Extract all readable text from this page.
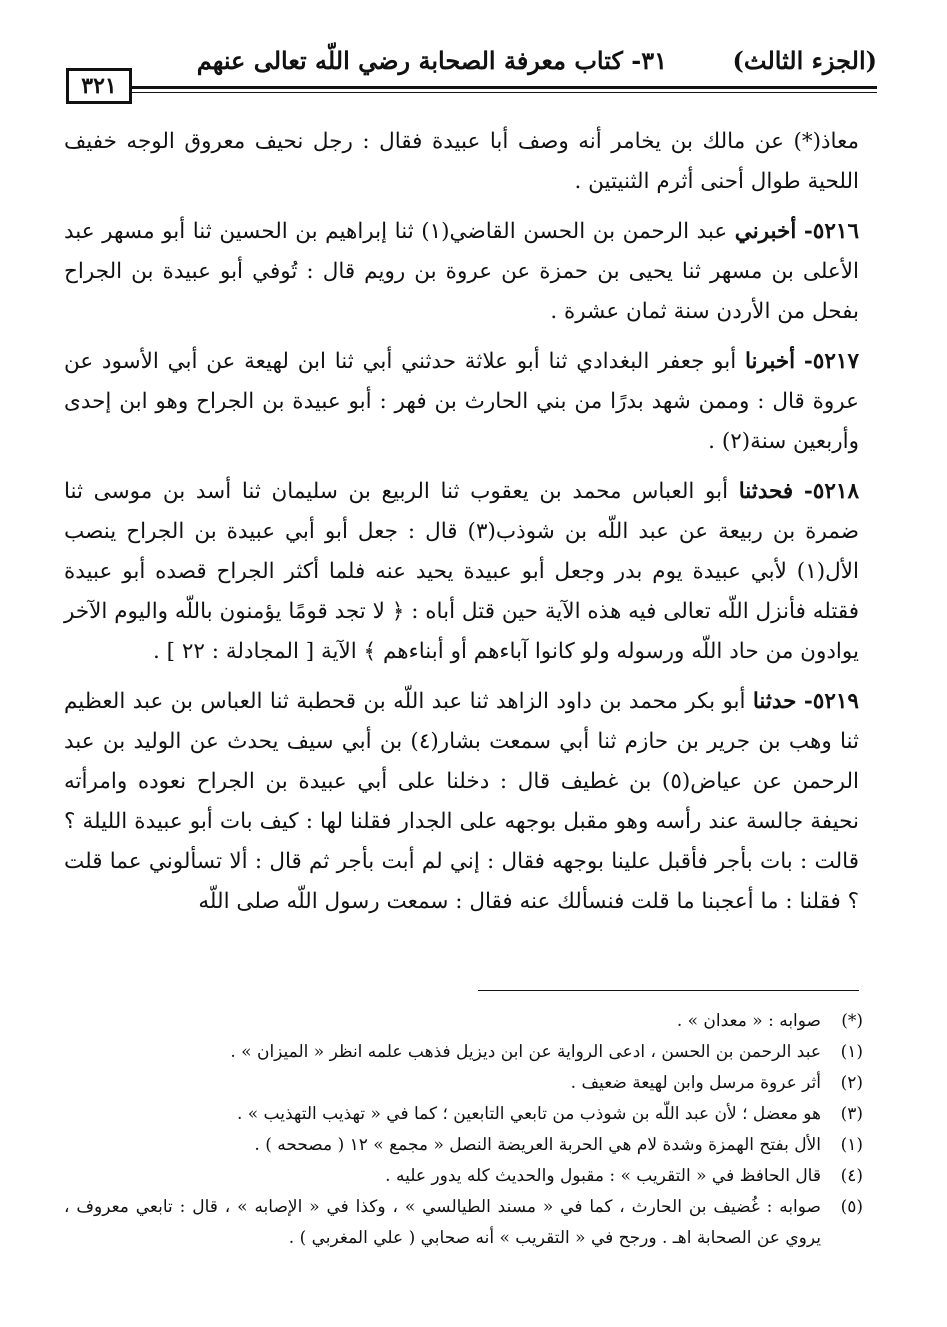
(الجزء الثالث)
٣١- كتاب معرفة الصحابة رضي اللّه تعالى عنهم
٣٢١

معاذ(*) عن مالك بن يخامر أنه وصف أبا عبيدة فقال : رجل نحيف معروق الوجه خفيف اللحية طوال أحنى أثرم الثنيتين .

٥٢١٦- أخبرني عبد الرحمن بن الحسن القاضي(١) ثنا إبراهيم بن الحسين ثنا أبو مسهر عبد الأعلى بن مسهر ثنا يحيى بن حمزة عن عروة بن رويم قال : تُوفي أبو عبيدة بن الجراح بفحل من الأردن سنة ثمان عشرة .

٥٢١٧- أخبرنا أبو جعفر البغدادي ثنا أبو علاثة حدثني أبي ثنا ابن لهيعة عن أبي الأسود عن عروة قال : وممن شهد بدرًا من بني الحارث بن فهر : أبو عبيدة بن الجراح وهو ابن إحدى وأربعين سنة(٢) .

٥٢١٨- فحدثنا أبو العباس محمد بن يعقوب ثنا الربيع بن سليمان ثنا أسد بن موسى ثنا ضمرة بن ربيعة عن عبد اللّه بن شوذب(٣) قال : جعل أبو أبي عبيدة بن الجراح ينصب الأل(١) لأبي عبيدة يوم بدر وجعل أبو عبيدة يحيد عنه فلما أكثر الجراح قصده أبو عبيدة فقتله فأنزل اللّه تعالى فيه هذه الآية حين قتل أباه : ﴿ لا تجد قومًا يؤمنون باللّه واليوم الآخر يوادون من حاد اللّه ورسوله ولو كانوا آباءهم أو أبناءهم ﴾ الآية [ المجادلة : ٢٢ ] .

٥٢١٩- حدثنا أبو بكر محمد بن داود الزاهد ثنا عبد اللّه بن قحطبة ثنا العباس بن عبد العظيم ثنا وهب بن جرير بن حازم ثنا أبي سمعت بشار(٤) بن أبي سيف يحدث عن الوليد بن عبد الرحمن عن عياض(٥) بن غطيف قال : دخلنا على أبي عبيدة بن الجراح نعوده وامرأته نحيفة جالسة عند رأسه وهو مقبل بوجهه على الجدار فقلنا لها : كيف بات أبو عبيدة الليلة ؟ قالت : بات بأجر فأقبل علينا بوجهه فقال : إني لم أبت بأجر ثم قال : ألا تسألوني عما قلت ؟ فقلنا : ما أعجبنا ما قلت فنسألك عنه فقال : سمعت رسول اللّه صلى اللّه

(*)
صوابه : « معدان » .
(١)
عبد الرحمن بن الحسن ، ادعى الرواية عن ابن ديزيل فذهب علمه انظر « الميزان » .
(٢)
أثر عروة مرسل وابن لهيعة ضعيف .
(٣)
هو معضل ؛ لأن عبد اللّه بن شوذب من تابعي التابعين ؛ كما في « تهذيب التهذيب » .
(١)
الأل بفتح الهمزة وشدة لام هي الحربة العريضة النصل « مجمع » ١٢ ( مصححه ) .
(٤)
قال الحافظ في « التقريب » : مقبول والحديث كله يدور عليه .
(٥)
صوابه : غُضيف بن الحارث ، كما في « مسند الطيالسي » ، وكذا في « الإصابه » ، قال : تابعي معروف ، يروي عن الصحابة اهـ . ورجح في « التقريب » أنه صحابي ( علي المغربي ) .
